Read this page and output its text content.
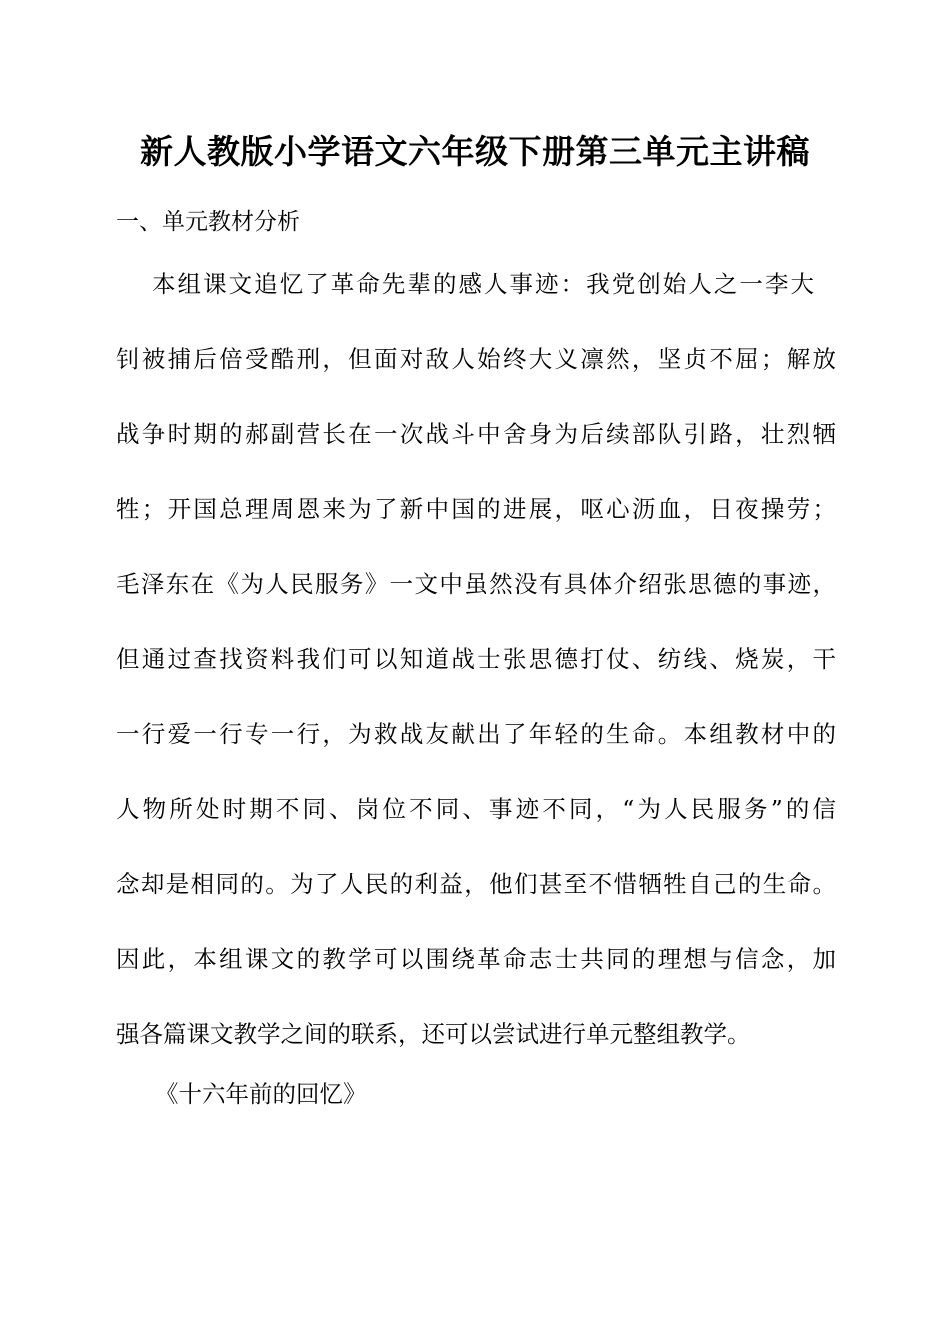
新人教版小学语文六年级下册第三单元主讲稿
一、单元教材分析
本组课文追忆了革命先辈的感人事迹：我党创始人之一李大
钊被捕后倍受酷刑，但面对敌人始终大义凛然，坚贞不屈；解放
战争时期的郝副营长在一次战斗中舍身为后续部队引路，壮烈牺
牲；开国总理周恩来为了新中国的进展，呕心沥血，日夜操劳；
毛泽东在《为人民服务》一文中虽然没有具体介绍张思德的事迹，
但通过查找资料我们可以知道战士张思德打仗、纺线、烧炭，干
一行爱一行专一行，为救战友献出了年轻的生命。本组教材中的
人物所处时期不同、岗位不同、事迹不同，“为人民服务”的信
念却是相同的。为了人民的利益，他们甚至不惜牺牲自己的生命。
因此，本组课文的教学可以围绕革命志士共同的理想与信念，加
强各篇课文教学之间的联系，还可以尝试进行单元整组教学。
《十六年前的回忆》
